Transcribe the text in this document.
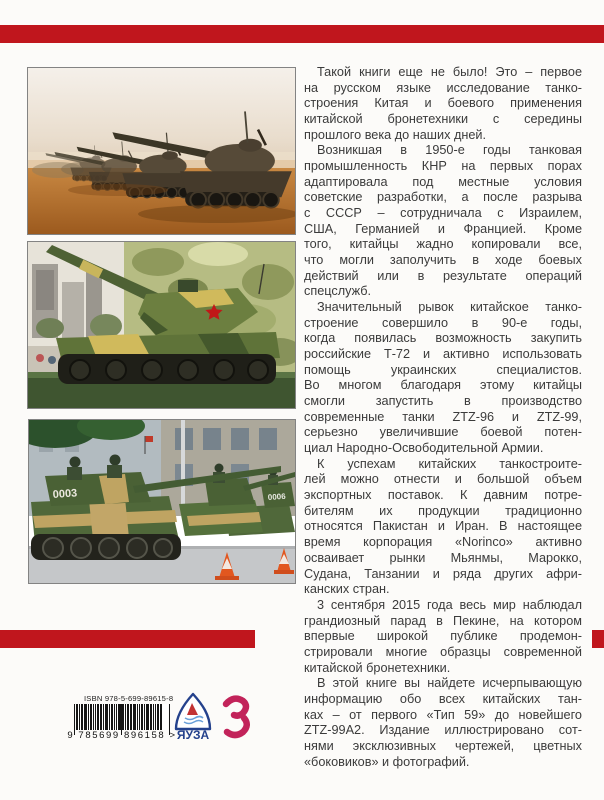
0006
0003
Такой книги еще не было! Это – первое
на русском языке исследование танко-
строения Китая и боевого применения
китайской бронетехники с середины
прошлого века до наших дней.
Возникшая в 1950-е годы танковая
промышленность КНР на первых порах
адаптировала под местные условия
советские разработки, а после разрыва
с СССР – сотрудничала с Израилем,
США, Германией и Францией. Кроме
того, китайцы жадно копировали все,
что могли заполучить в ходе боевых
действий или в результате операций
спецслужб.
Значительный рывок китайское танко-
строение совершило в 90-е годы,
когда появилась возможность закупить
российские Т-72 и активно использовать
помощь украинских специалистов.
Во многом благодаря этому китайцы
смогли запустить в производство
современные танки ZTZ-96 и ZTZ-99,
серьезно увеличившие боевой потен-
циал Народно-Освободительной Армии.
К успехам китайских танкостроите-
лей можно отнести и большой объем
экспортных поставок. К давним потре-
бителям их продукции традиционно
относятся Пакистан и Иран. В настоящее
время корпорация «Norinco» активно
осваивает рынки Мьянмы, Марокко,
Судана, Танзании и ряда других афри-
канских стран.
3 сентября 2015 года весь мир наблюдал
грандиозный парад в Пекине, на котором
впервые широкой публике продемон-
стрировали многие образцы современной
китайской бронетехники.
В этой книге вы найдете исчерпывающую
информацию обо всех китайских тан-
ках – от первого «Тип 59» до новейшего
ZTZ-99A2. Издание иллюстрировано сот-
нями эксклюзивных чертежей, цветных
«боковиков» и фотографий.
ISBN 978-5-699-89615-8
9 785699 896158 > ЯУЗА
